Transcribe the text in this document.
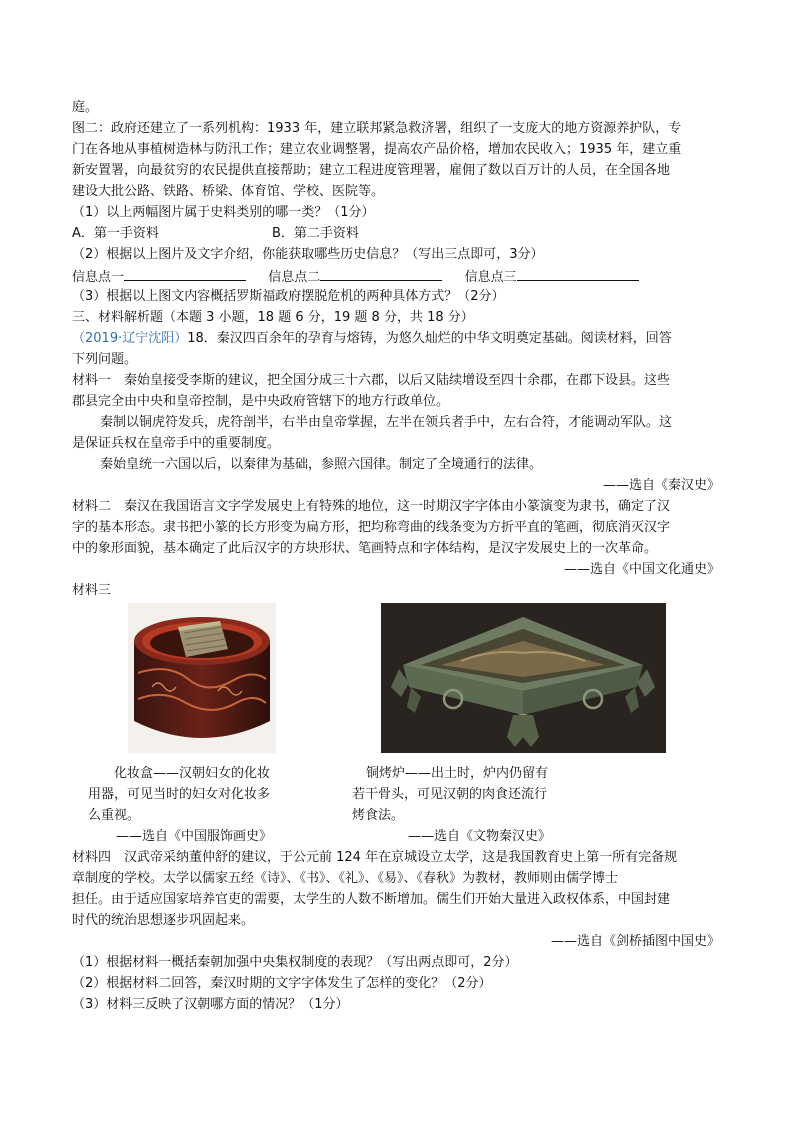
庭。
图二：政府还建立了一系列机构：1933 年，建立联邦紧急救济署，组织了一支庞大的地方资源养护队，专
门在各地从事植树造林与防汛工作；建立农业调整署，提高农产品价格，增加农民收入；1935 年，建立重
新安置署，向最贫穷的农民提供直接帮助；建立工程进度管理署，雇佣了数以百万计的人员，在全国各地
建设大批公路、铁路、桥梁、体育馆、学校、医院等。
（1）以上两幅图片属于史料类别的哪一类？（1分）
A．第一手资料	B．第二手资料
（2）根据以上图片及文字介绍，你能获取哪些历史信息？（写出三点即可，3分）
信息点一	信息点二	信息点三
（3）根据以上图文内容概括罗斯福政府摆脱危机的两种具体方式？（2分）
三、材料解析题（本题 3 小题，18 题 6 分，19 题 8 分，共 18 分）
（2019·辽宁沈阳）18．秦汉四百余年的孕育与熔铸，为悠久灿烂的中华文明奠定基础。阅读材料，回答
下列问题。
材料一　秦始皇接受李斯的建议，把全国分成三十六郡，以后又陆续增设至四十余郡，在郡下设县。这些
郡县完全由中央和皇帝控制，是中央政府管辖下的地方行政单位。
秦制以铜虎符发兵，虎符剖半，右半由皇帝掌握，左半在领兵者手中，左右合符，才能调动军队。这
是保证兵权在皇帝手中的重要制度。
秦始皇统一六国以后，以秦律为基础，参照六国律。制定了全境通行的法律。
——选自《秦汉史》
材料二　秦汉在我国语言文字学发展史上有特殊的地位，这一时期汉字字体由小篆演变为隶书，确定了汉
字的基本形态。隶书把小篆的长方形变为扁方形，把均称弯曲的线条变为方折平直的笔画，彻底消灭汉字
中的象形面貌，基本确定了此后汉字的方块形状、笔画特点和字体结构，是汉字发展史上的一次革命。
——选自《中国文化通史》
材料三
化妆盒——汉朝妇女的化妆
用器，可见当时的妇女对化妆多
么重视。
铜烤炉——出土时，炉内仍留有
若干骨头，可见汉朝的肉食还流行
烤食法。
——选自《中国服饰画史》	——选自《文物秦汉史》
材料四　汉武帝采纳董仲舒的建议，于公元前 124 年在京城设立太学，这是我国教育史上第一所有完备规
章制度的学校。太学以儒家五经《诗》、《书》、《礼》、《易》、《春秋》为教材，教师则由儒学博士
担任。由于适应国家培养官吏的需要，太学生的人数不断增加。儒生们开始大量进入政权体系，中国封建
时代的统治思想逐步巩固起来。
——选自《剑桥插图中国史》
（1）根据材料一概括秦朝加强中央集权制度的表现？（写出两点即可，2分）
（2）根据材料二回答，秦汉时期的文字字体发生了怎样的变化？（2分）
（3）材料三反映了汉朝哪方面的情况？（1分）
